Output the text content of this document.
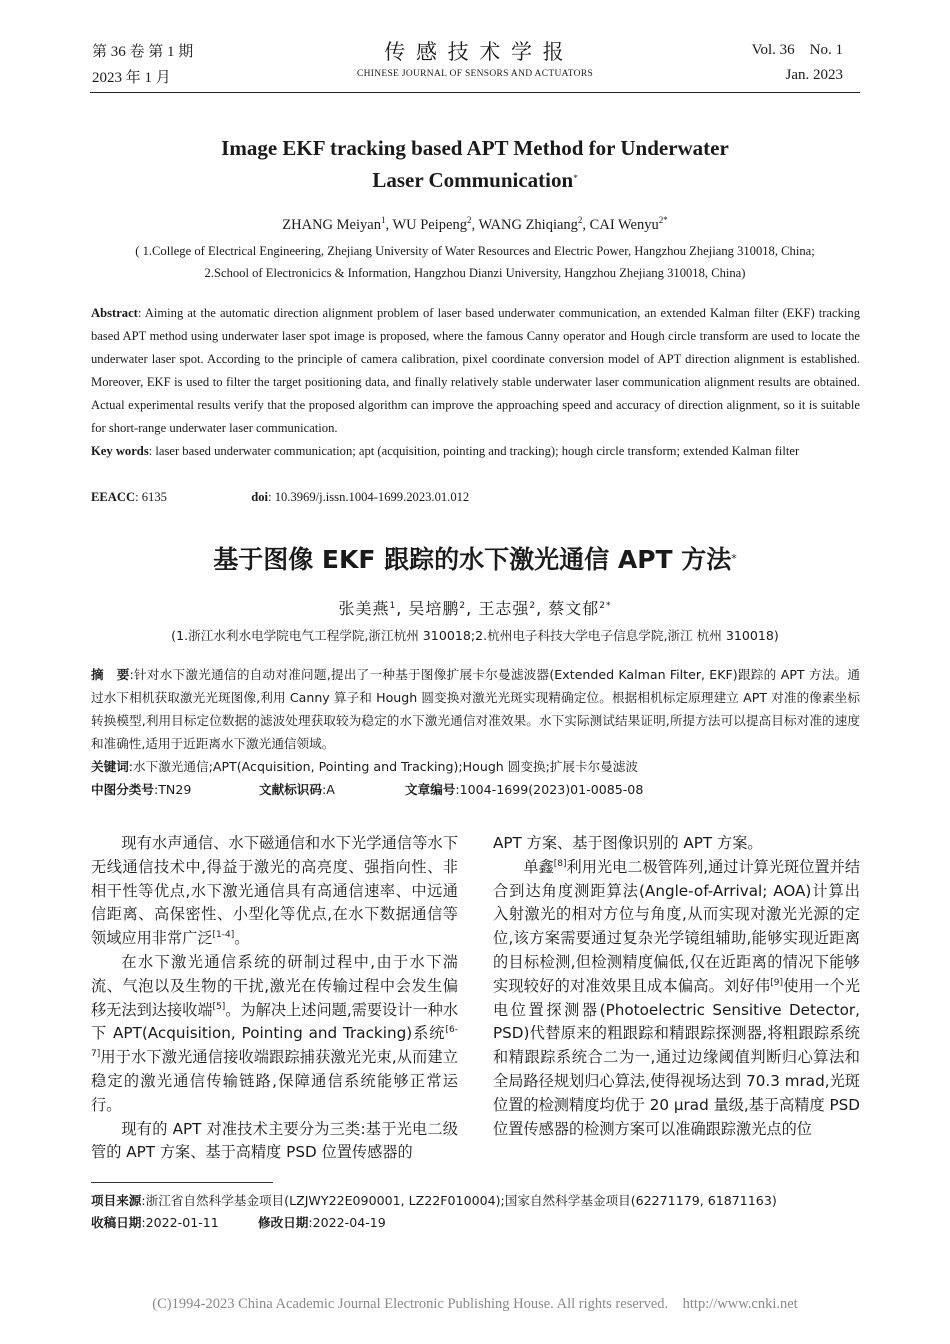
第 36 卷 第 1 期
2023 年 1 月
传 感 技 术 学 报
CHINESE JOURNAL OF SENSORS AND ACTUATORS
Vol. 36    No. 1
Jan. 2023
Image EKF tracking based APT Method for Underwater
Laser Communication*
ZHANG Meiyan$^1$, WU Peipeng$^2$, WANG Zhiqiang$^2$, CAI Wenyu$^{2*}$
( 1.College of Electrical Engineering, Zhejiang University of Water Resources and Electric Power, Hangzhou Zhejiang 310018, China;
2.School of Electronicics & Information, Hangzhou Dianzi University, Hangzhou Zhejiang 310018, China)
Abstract: Aiming at the automatic direction alignment problem of laser based underwater communication, an extended Kalman filter (EKF) tracking based APT method using underwater laser spot image is proposed, where the famous Canny operator and Hough circle transform are used to locate the underwater laser spot. According to the principle of camera calibration, pixel coordinate conversion model of APT direction alignment is established. Moreover, EKF is used to filter the target positioning data, and finally relatively stable underwater laser communication alignment results are obtained. Actual experimental results verify that the proposed algorithm can improve the approaching speed and accuracy of direction alignment, so it is suitable for short-range underwater laser communication.
Key words: laser based underwater communication; apt (acquisition, pointing and tracking); hough circle transform; extended Kalman filter
EEACC: 6135	doi: 10.3969/j.issn.1004-1699.2023.01.012
基于图像 EKF 跟踪的水下激光通信 APT 方法*
张美燕$^1$, 吴培鹏$^2$, 王志强$^2$, 蔡文郁$^{2*}$
(1.浙江水利水电学院电气工程学院,浙江杭州 310018;2.杭州电子科技大学电子信息学院,浙江 杭州 310018)
摘　要:针对水下激光通信的自动对准问题,提出了一种基于图像扩展卡尔曼滤波器(Extended Kalman Filter, EKF)跟踪的 APT 方法。通过水下相机获取激光光斑图像,利用 Canny 算子和 Hough 圆变换对激光光斑实现精确定位。根据相机标定原理建立 APT 对准的像素坐标转换模型,利用目标定位数据的滤波处理获取较为稳定的水下激光通信对准效果。水下实际测试结果证明,所提方法可以提高目标对准的速度和准确性,适用于近距离水下激光通信领域。
关键词:水下激光通信;APT(Acquisition, Pointing and Tracking);Hough 圆变换;扩展卡尔曼滤波
中图分类号:TN29	文献标识码:A	文章编号:1004-1699(2023)01-0085-08

现有水声通信、水下磁通信和水下光学通信等水下无线通信技术中,得益于激光的高亮度、强指向性、非相干性等优点,水下激光通信具有高通信速率、中远通信距离、高保密性、小型化等优点,在水下数据通信等领域应用非常广泛[1-4]。

在水下激光通信系统的研制过程中,由于水下湍流、气泡以及生物的干扰,激光在传输过程中会发生偏移无法到达接收端[5]。为解决上述问题,需要设计一种水下 APT(Acquisition, Pointing and Tracking)系统[6-7]用于水下激光通信接收端跟踪捕获激光光束,从而建立稳定的激光通信传输链路,保障通信系统能够正常运行。

现有的 APT 对准技术主要分为三类:基于光电二级管的 APT 方案、基于高精度 PSD 位置传感器的

APT 方案、基于图像识别的 APT 方案。

单鑫[8]利用光电二极管阵列,通过计算光斑位置并结合到达角度测距算法(Angle-of-Arrival; AOA)计算出入射激光的相对方位与角度,从而实现对激光光源的定位,该方案需要通过复杂光学镜组辅助,能够实现近距离的目标检测,但检测精度偏低,仅在近距离的情况下能够实现较好的对准效果且成本偏高。刘好伟[9]使用一个光电位置探测器(Photoelectric Sensitive Detector, PSD)代替原来的粗跟踪和精跟踪探测器,将粗跟踪系统和精跟踪系统合二为一,通过边缘阈值判断归心算法和全局路径规划归心算法,使得视场达到 70.3 mrad,光斑位置的检测精度均优于 20 μrad 量级,基于高精度 PSD 位置传感器的检测方案可以准确跟踪激光点的位

项目来源:浙江省自然科学基金项目(LZJWY22E090001, LZ22F010004);国家自然科学基金项目(62271179, 61871163)
收稿日期:2022-01-11	修改日期:2022-04-19
(C)1994-2023 China Academic Journal Electronic Publishing House. All rights reserved.    http://www.cnki.net
